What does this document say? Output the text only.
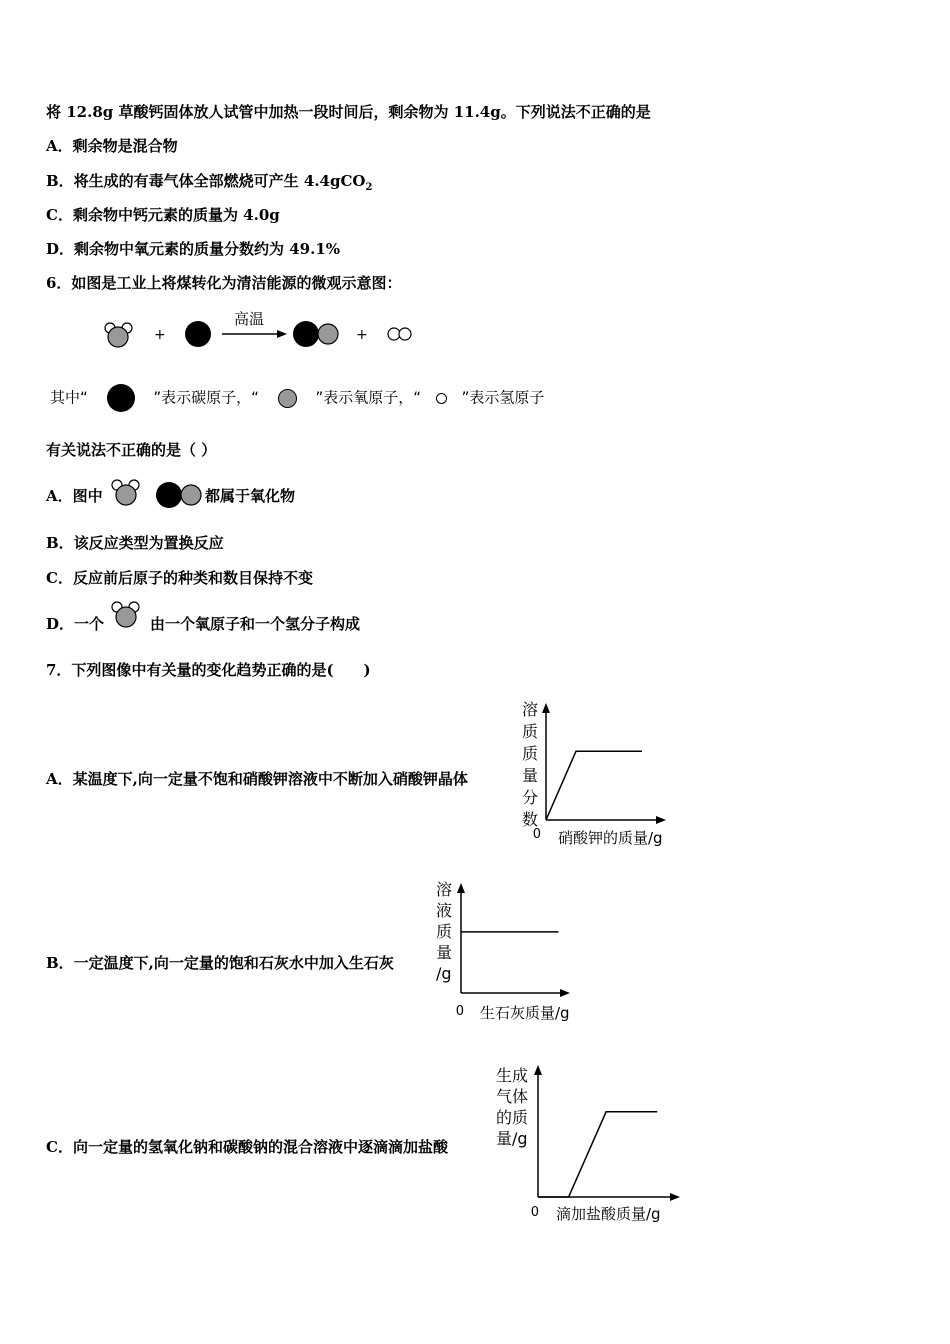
将 12.8g 草酸钙固体放人试管中加热一段时间后，剩余物为 11.4g。下列说法不正确的是
A．剩余物是混合物
B．将生成的有毒气体全部燃烧可产生 4.4gCO$_2$
C．剩余物中钙元素的质量为 4.0g
D．剩余物中氧元素的质量分数约为 49.1%
6．如图是工业上将煤转化为清洁能源的微观示意图：
+
高温
+
其中“	”表示碳原子，“	”表示氧原子，“	”表示氢原子
有关说法不正确的是（ ）
A．图中	都属于氧化物
B．该反应类型为置换反应
C．反应前后原子的种类和数目保持不变
D．一个	由一个氧原子和一个氢分子构成
7．下列图像中有关量的变化趋势正确的是(　　)
A．某温度下,向一定量不饱和硝酸钾溶液中不断加入硝酸钾晶体
B．一定温度下,向一定量的饱和石灰水中加入生石灰
C．向一定量的氢氧化钠和碳酸钠的混合溶液中逐滴滴加盐酸
溶
质
质
量
分
数
0 硝酸钾的质量/g
溶
液
质
量
/g
0 生石灰质量/g
生成
气体
的质
量/g
0 滴加盐酸质量/g
